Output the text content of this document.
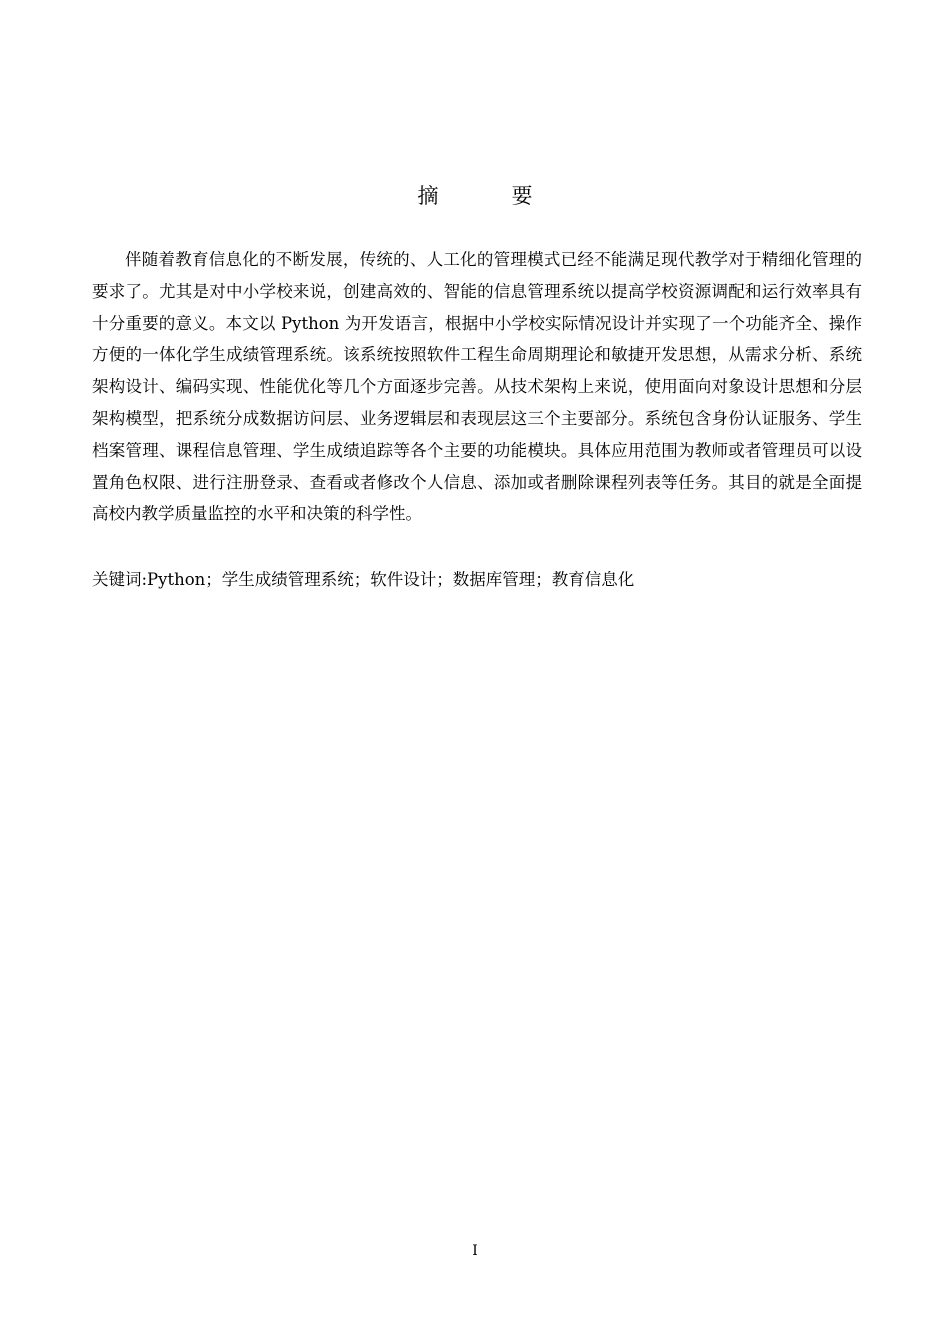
摘　要

伴随着教育信息化的不断发展，传统的、人工化的管理模式已经不能满足现代教学对于精细化管理的要求了。尤其是对中小学校来说，创建高效的、智能的信息管理系统以提高学校资源调配和运行效率具有十分重要的意义。本文以 Python 为开发语言，根据中小学校实际情况设计并实现了一个功能齐全、操作方便的一体化学生成绩管理系统。该系统按照软件工程生命周期理论和敏捷开发思想，从需求分析、系统架构设计、编码实现、性能优化等几个方面逐步完善。从技术架构上来说，使用面向对象设计思想和分层架构模型，把系统分成数据访问层、业务逻辑层和表现层这三个主要部分。系统包含身份认证服务、学生档案管理、课程信息管理、学生成绩追踪等各个主要的功能模块。具体应用范围为教师或者管理员可以设置角色权限、进行注册登录、查看或者修改个人信息、添加或者删除课程列表等任务。其目的就是全面提高校内教学质量监控的水平和决策的科学性。

关键词:Python；学生成绩管理系统；软件设计；数据库管理；教育信息化

I
